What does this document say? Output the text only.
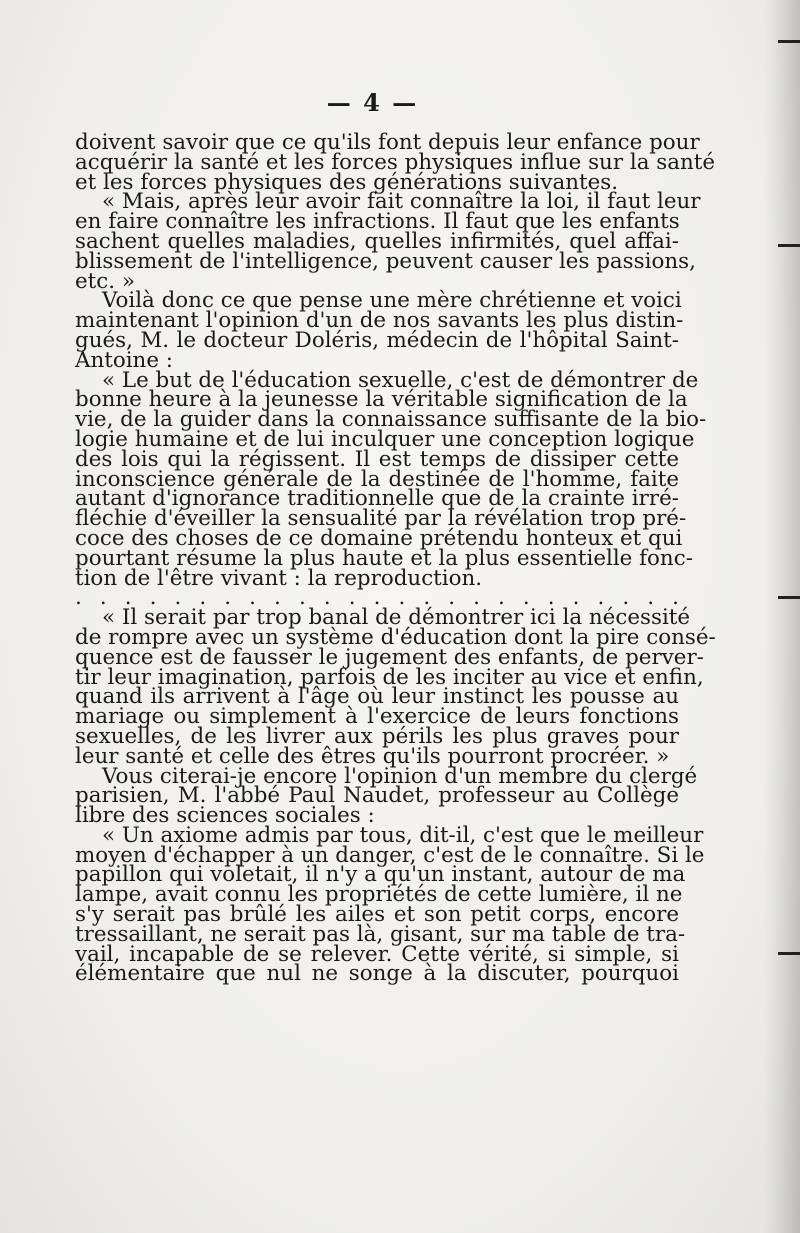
— 4 —
doivent savoir que ce qu'ils font depuis leur enfance pour
acquérir la santé et les forces physiques influe sur la santé
et les forces physiques des générations suivantes.
« Mais, après leur avoir fait connaître la loi, il faut leur
en faire connaître les infractions. Il faut que les enfants
sachent quelles maladies, quelles infirmités, quel affai-
blissement de l'intelligence, peuvent causer les passions,
etc. »
Voilà donc ce que pense une mère chrétienne et voici
maintenant l'opinion d'un de nos savants les plus distin-
gués, M. le docteur Doléris, médecin de l'hôpital Saint-
Antoine :
« Le but de l'éducation sexuelle, c'est de démontrer de
bonne heure à la jeunesse la véritable signification de la
vie, de la guider dans la connaissance suffisante de la bio-
logie humaine et de lui inculquer une conception logique
des lois qui la régissent. Il est temps de dissiper cette
inconscience générale de la destinée de l'homme, faite
autant d'ignorance traditionnelle que de la crainte irré-
fléchie d'éveiller la sensualité par la révélation trop pré-
coce des choses de ce domaine prétendu honteux et qui
pourtant résume la plus haute et la plus essentielle fonc-
tion de l'être vivant : la reproduction.
. . . . . . . . . . . . . . . . . . . . . . . . .
« Il serait par trop banal de démontrer ici la nécessité
de rompre avec un système d'éducation dont la pire consé-
quence est de fausser le jugement des enfants, de perver-
tir leur imagination, parfois de les inciter au vice et enfin,
quand ils arrivent à l'âge où leur instinct les pousse au
mariage ou simplement à l'exercice de leurs fonctions
sexuelles, de les livrer aux périls les plus graves pour
leur santé et celle des êtres qu'ils pourront procréer. »
Vous citerai-je encore l'opinion d'un membre du clergé
parisien, M. l'abbé Paul Naudet, professeur au Collège
libre des sciences sociales :
« Un axiome admis par tous, dit-il, c'est que le meilleur
moyen d'échapper à un danger, c'est de le connaître. Si le
papillon qui voletait, il n'y a qu'un instant, autour de ma
lampe, avait connu les propriétés de cette lumière, il ne
s'y serait pas brûlé les ailes et son petit corps, encore
tressaillant, ne serait pas là, gisant, sur ma table de tra-
vail, incapable de se relever. Cette vérité, si simple, si
élémentaire que nul ne songe à la discuter, pourquoi
